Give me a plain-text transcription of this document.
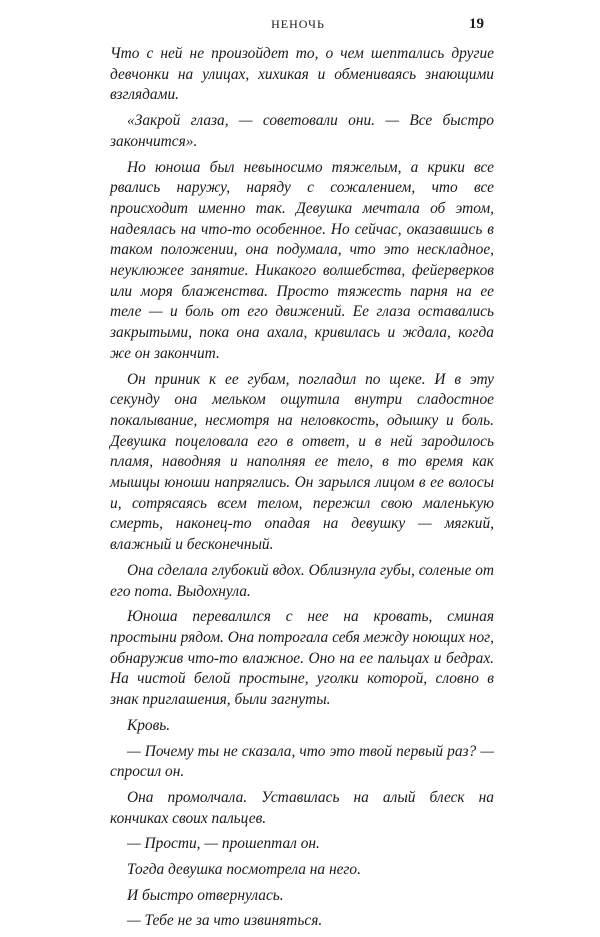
НЕНОЧЬ	19

Что с ней не произойдет то, о чем шептались другие девчонки на улицах, хихикая и обмениваясь знающими взглядами.

«Закрой глаза, — советовали они. — Все быстро закончится».

Но юноша был невыносимо тяжелым, а крики все рвались наружу, наряду с сожалением, что все происходит именно так. Девушка мечтала об этом, надеялась на что-то особенное. Но сейчас, оказавшись в таком положении, она подумала, что это нескладное, неуклюжее занятие. Никакого волшебства, фейерверков или моря блаженства. Просто тяжесть парня на ее теле — и боль от его движений. Ее глаза оставались закрытыми, пока она ахала, кривилась и ждала, когда же он закончит.

Он приник к ее губам, погладил по щеке. И в эту секунду она мельком ощутила внутри сладостное покалывание, несмотря на неловкость, одышку и боль. Девушка поцеловала его в ответ, и в ней зародилось пламя, наводняя и наполняя ее тело, в то время как мышцы юноши напряглись. Он зарылся лицом в ее волосы и, сотрясаясь всем телом, пережил свою маленькую смерть, наконец-то опадая на девушку — мягкий, влажный и бесконечный.

Она сделала глубокий вдох. Облизнула губы, соленые от его пота. Выдохнула.

Юноша перевалился с нее на кровать, сминая простыни рядом. Она потрогала себя между ноющих ног, обнаружив что-то влажное. Оно на ее пальцах и бедрах. На чистой белой простыне, уголки которой, словно в знак приглашения, были загнуты.

Кровь.

— Почему ты не сказала, что это твой первый раз? — спросил он.

Она промолчала. Уставилась на алый блеск на кончиках своих пальцев.

— Прости, — прошептал он.

Тогда девушка посмотрела на него.

И быстро отвернулась.

— Тебе не за что извиняться.
